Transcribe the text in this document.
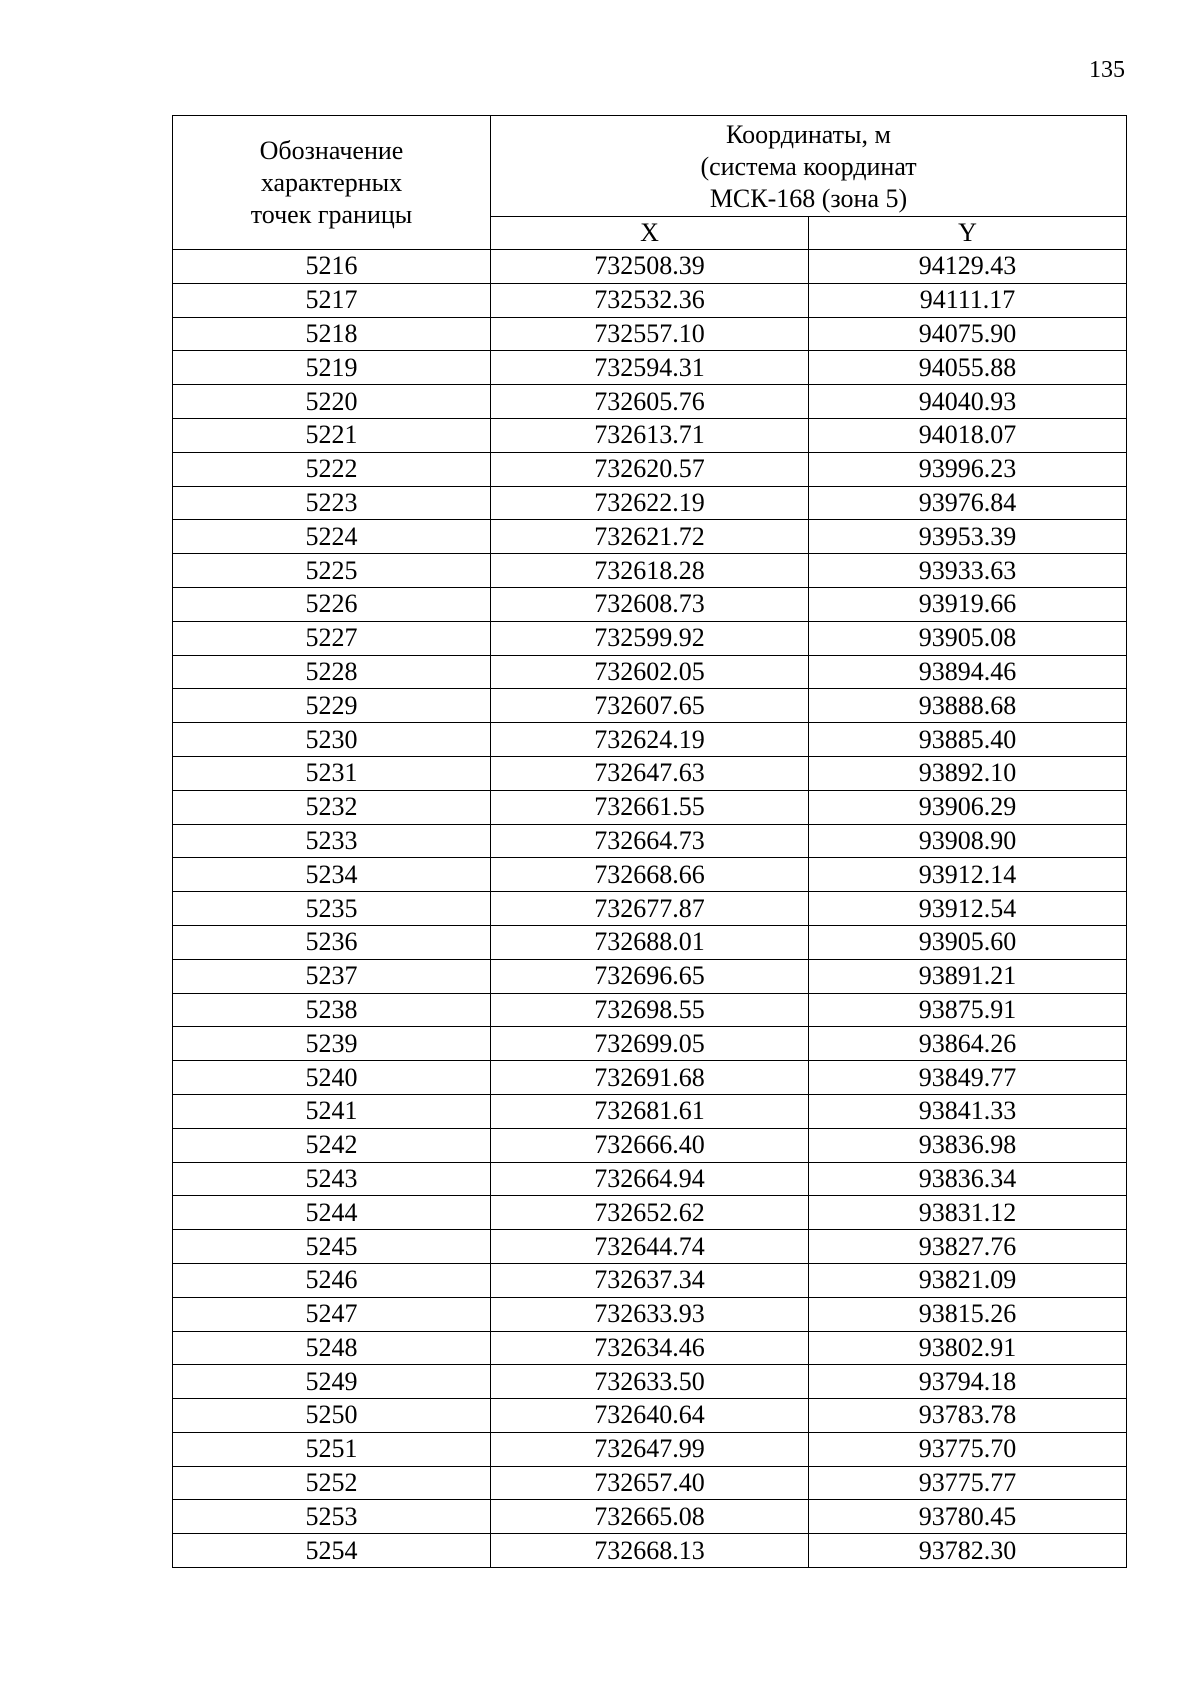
135
Обозначение
характерных
точек границы	Координаты, м
(система координат
МСК-168 (зона 5)	

	X	Y
5216	732508.39	94129.43
5217	732532.36	94111.17
5218	732557.10	94075.90
5219	732594.31	94055.88
5220	732605.76	94040.93
5221	732613.71	94018.07
5222	732620.57	93996.23
5223	732622.19	93976.84
5224	732621.72	93953.39
5225	732618.28	93933.63
5226	732608.73	93919.66
5227	732599.92	93905.08
5228	732602.05	93894.46
5229	732607.65	93888.68
5230	732624.19	93885.40
5231	732647.63	93892.10
5232	732661.55	93906.29
5233	732664.73	93908.90
5234	732668.66	93912.14
5235	732677.87	93912.54
5236	732688.01	93905.60
5237	732696.65	93891.21
5238	732698.55	93875.91
5239	732699.05	93864.26
5240	732691.68	93849.77
5241	732681.61	93841.33
5242	732666.40	93836.98
5243	732664.94	93836.34
5244	732652.62	93831.12
5245	732644.74	93827.76
5246	732637.34	93821.09
5247	732633.93	93815.26
5248	732634.46	93802.91
5249	732633.50	93794.18
5250	732640.64	93783.78
5251	732647.99	93775.70
5252	732657.40	93775.77
5253	732665.08	93780.45
5254	732668.13	93782.30
